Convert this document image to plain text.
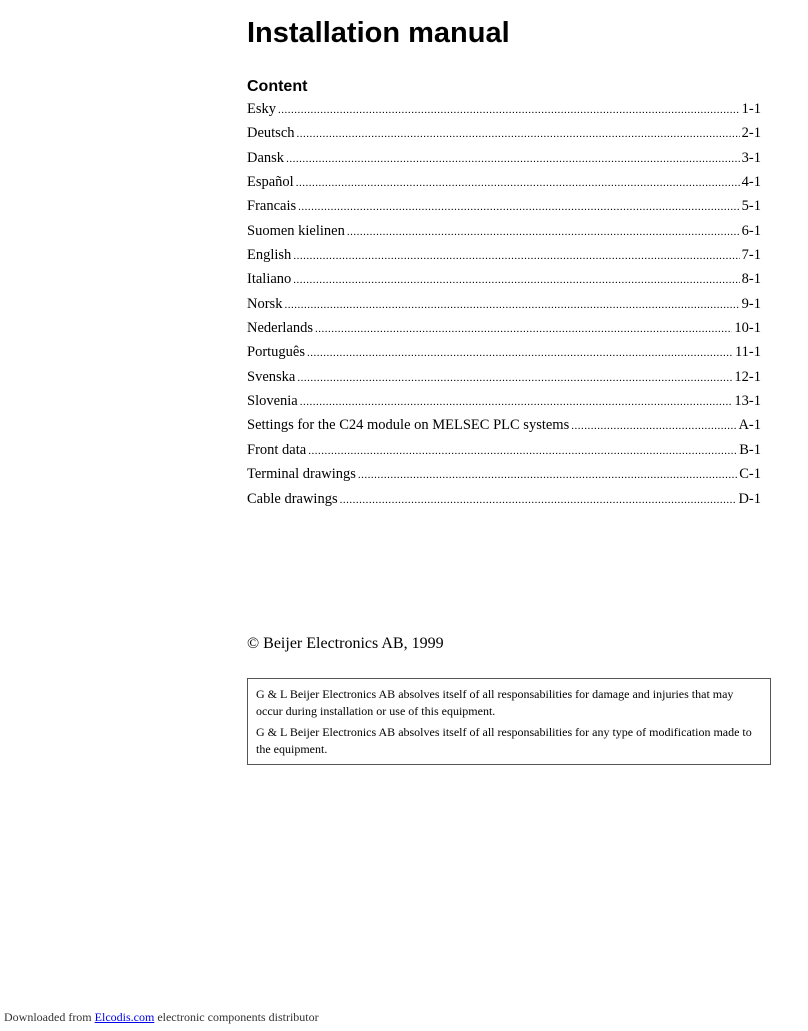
Installation manual
Content
Esky .....	1-1
Deutsch .....	2-1
Dansk .....	3-1
Español .....	4-1
Francais .....	5-1
Suomen kielinen .....	6-1
English .....	7-1
Italiano .....	8-1
Norsk .....	9-1
Nederlands .....	10-1
Português .....	11-1
Svenska .....	12-1
Slovenia .....	13-1
Settings for the C24 module on MELSEC PLC systems .....	A-1
Front data .....	B-1
Terminal drawings .....	C-1
Cable drawings .....	D-1

© Beijer Electronics AB, 1999

G & L Beijer Electronics AB absolves itself of all responsabilities for damage and injuries that may occur during installation or use of this equipment.

G & L Beijer Electronics AB absolves itself of all responsabilities for any type of modification made to the equipment.

Downloaded from Elcodis.com electronic components distributor
